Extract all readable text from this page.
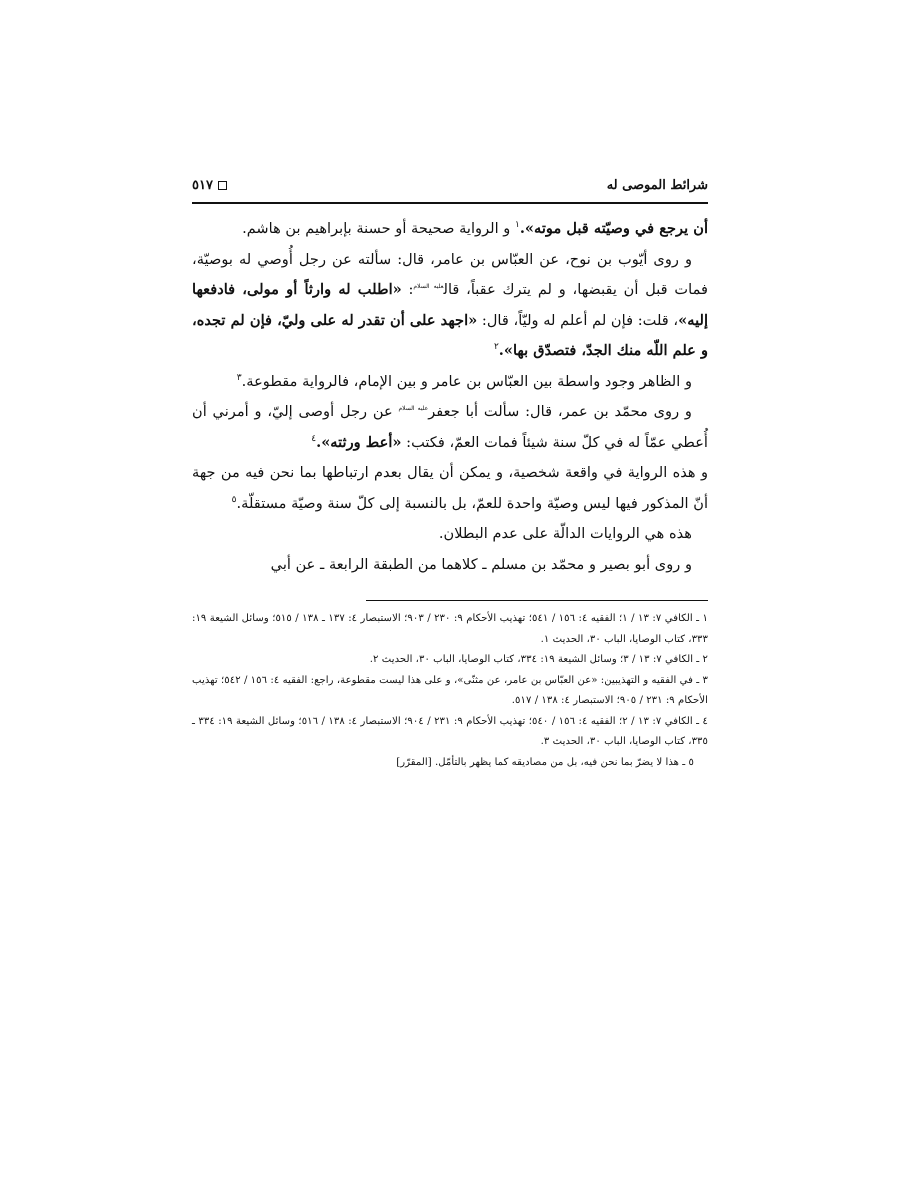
شرائط الموصى له
٥١٧

أن يرجع في وصيّته قبل موته».$^١$ و الرواية صحيحة أو حسنة بإبراهيم بن هاشم.

و روى أيّوب بن نوح، عن العبّاس بن عامر، قال: سألته عن رجل أُوصي له بوصيّة، فمات قبل أن يقبضها، و لم يترك عقباً، قال$^{عليه السلام}$: «اطلب له وارثاً أو مولى، فادفعها إليه»، قلت: فإن لم أعلم له وليّاً، قال: «اجهد على أن تقدر له على وليّ، فإن لم تجده، و علم اللّه منك الجدّ، فتصدّق بها».$^٢$

و الظاهر وجود واسطة بين العبّاس بن عامر و بين الإمام، فالرواية مقطوعة.$^٣$

و روى محمّد بن عمر، قال: سألت أبا جعفر$^{عليه السلام}$ عن رجل أوصى إليّ، و أمرني أن أُعطي عمّاً له في كلّ سنة شيئاً فمات العمّ، فكتب: «أعط ورثته».$^٤$

و هذه الرواية في واقعة شخصية، و يمكن أن يقال بعدم ارتباطها بما نحن فيه من جهة أنّ المذكور فيها ليس وصيّة واحدة للعمّ، بل بالنسبة إلى كلّ سنة وصيّة مستقلّة.$^٥$

هذه هي الروايات الدالّة على عدم البطلان.

و روى أبو بصير و محمّد بن مسلم ـ كلاهما من الطبقة الرابعة ـ عن أبي

١ ـ الكافي ٧: ١٣ / ١؛ الفقيه ٤: ١٥٦ / ٥٤١؛ تهذيب الأحكام ٩: ٢٣٠ / ٩٠٣؛ الاستبصار ٤: ١٣٧ ـ ١٣٨ / ٥١٥؛ وسائل الشيعة ١٩: ٣٣٣، كتاب الوصايا، الباب ٣٠، الحديث ١.

٢ ـ الكافي ٧: ١٣ / ٣؛ وسائل الشيعة ١٩: ٣٣٤، كتاب الوصايا، الباب ٣٠، الحديث ٢.

٣ ـ في الفقيه و التهذيبين: «عن العبّاس بن عامر، عن مثنّى»، و على هذا ليست مقطوعة، راجع: الفقيه ٤: ١٥٦ / ٥٤٢؛ تهذيب الأحكام ٩: ٢٣١ / ٩٠٥؛ الاستبصار ٤: ١٣٨ / ٥١٧.

٤ ـ الكافي ٧: ١٣ / ٢؛ الفقيه ٤: ١٥٦ / ٥٤٠؛ تهذيب الأحكام ٩: ٢٣١ / ٩٠٤؛ الاستبصار ٤: ١٣٨ / ٥١٦؛ وسائل الشيعة ١٩: ٣٣٤ ـ ٣٣٥، كتاب الوصايا، الباب ٣٠، الحديث ٣.

٥ ـ هذا لا يضرّ بما نحن فيه، بل من مصاديقه كما يظهر بالتأمّل. [المقرّر]
